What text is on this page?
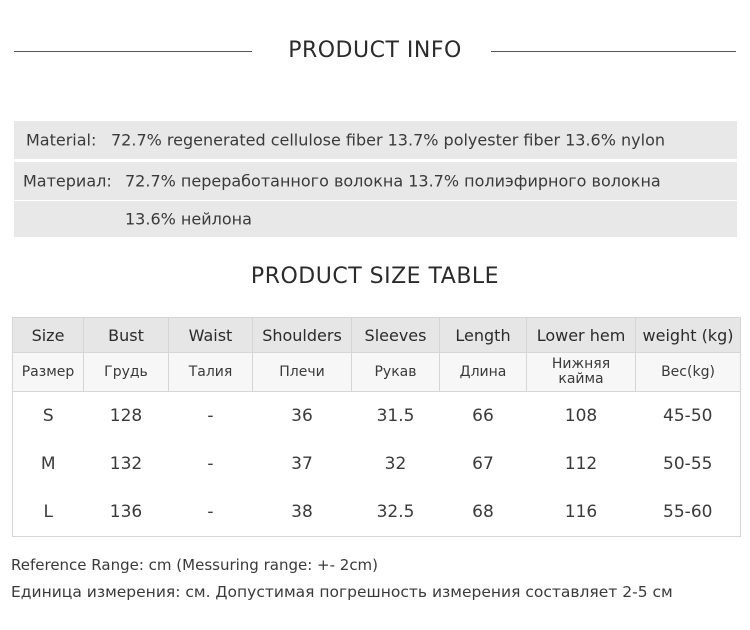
PRODUCT INFO
Material: 72.7% regenerated cellulose fiber 13.7% polyester fiber 13.6% nylon
Материал: 72.7% переработанного волокна 13.7% полиэфирного волокна
13.6% нейлона
PRODUCT SIZE TABLE
Size	Bust	Waist	Shoulders	Sleeves	Length	Lower hem	weight (kg)
Размер	Грудь	Талия	Плечи	Рукав	Длина	Нижняя кайма	Вес(kg)
S	128	-	36	31.5	66	108	45-50
M	132	-	37	32	67	112	50-55
L	136	-	38	32.5	68	116	55-60
Reference Range: cm (Messuring range: +- 2cm)
Единица измерения: см. Допустимая погрешность измерения составляет 2-5 см
